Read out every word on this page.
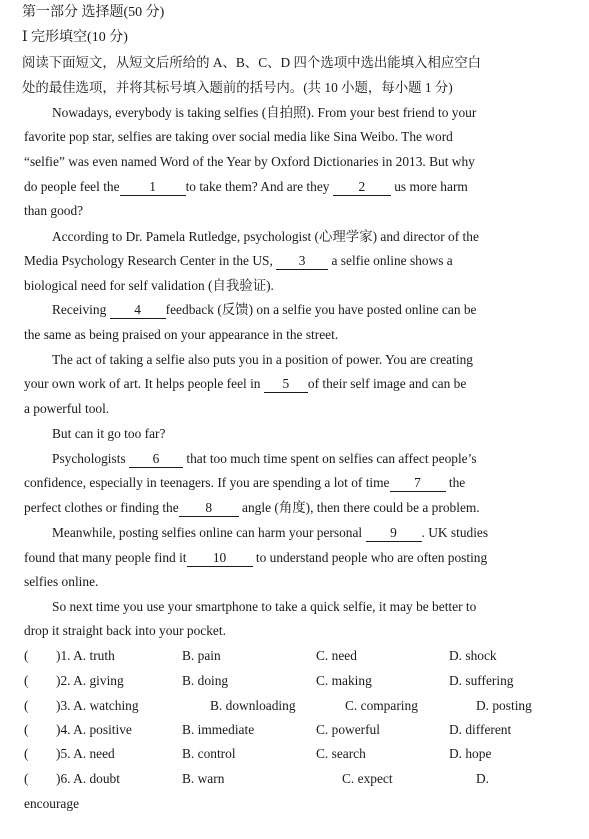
第一部分 选择题(50 分)
Ⅰ 完形填空(10 分)
阅读下面短文，从短文后所给的 A、B、C、D 四个选项中选出能填入相应空白
处的最佳选项，并将其标号填入题前的括号内。(共 10 小题，每小题 1 分)
Nowadays, everybody is taking selfies (自拍照). From your best friend to your
favorite pop star, selfies are taking over social media like Sina Weibo. The word
“selfie” was even named Word of the Year by Oxford Dictionaries in 2013. But why
do people feel the 1 to take them? And are they 2 us more harm
than good?
According to Dr. Pamela Rutledge, psychologist (心理学家) and director of the
Media Psychology Research Center in the US, 3 a selfie online shows a
biological need for self validation (自我验证).
Receiving 4 feedback (反馈) on a selfie you have posted online can be
the same as being praised on your appearance in the street.
The act of taking a selfie also puts you in a position of power. You are creating
your own work of art. It helps people feel in 5 of their self image and can be
a powerful tool.
But can it go too far?
Psychologists 6 that too much time spent on selfies can affect people’s
confidence, especially in teenagers. If you are spending a lot of time 7 the
perfect clothes or finding the 8 angle (角度), then there could be a problem.
Meanwhile, posting selfies online can harm your personal 9 . UK studies
found that many people find it 10 to understand people who are often posting
selfies online.
So next time you use your smartphone to take a quick selfie, it may be better to
drop it straight back into your pocket.
( )1. A. truth	B. pain	C. need	D. shock
( )2. A. giving	B. doing	C. making	D. suffering
( )3. A. watching	B. downloading	C. comparing	D. posting
( )4. A. positive	B. immediate	C. powerful	D. different
( )5. A. need	B. control	C. search	D. hope
( )6. A. doubt	B. warn	C. expect	D.
encourage
